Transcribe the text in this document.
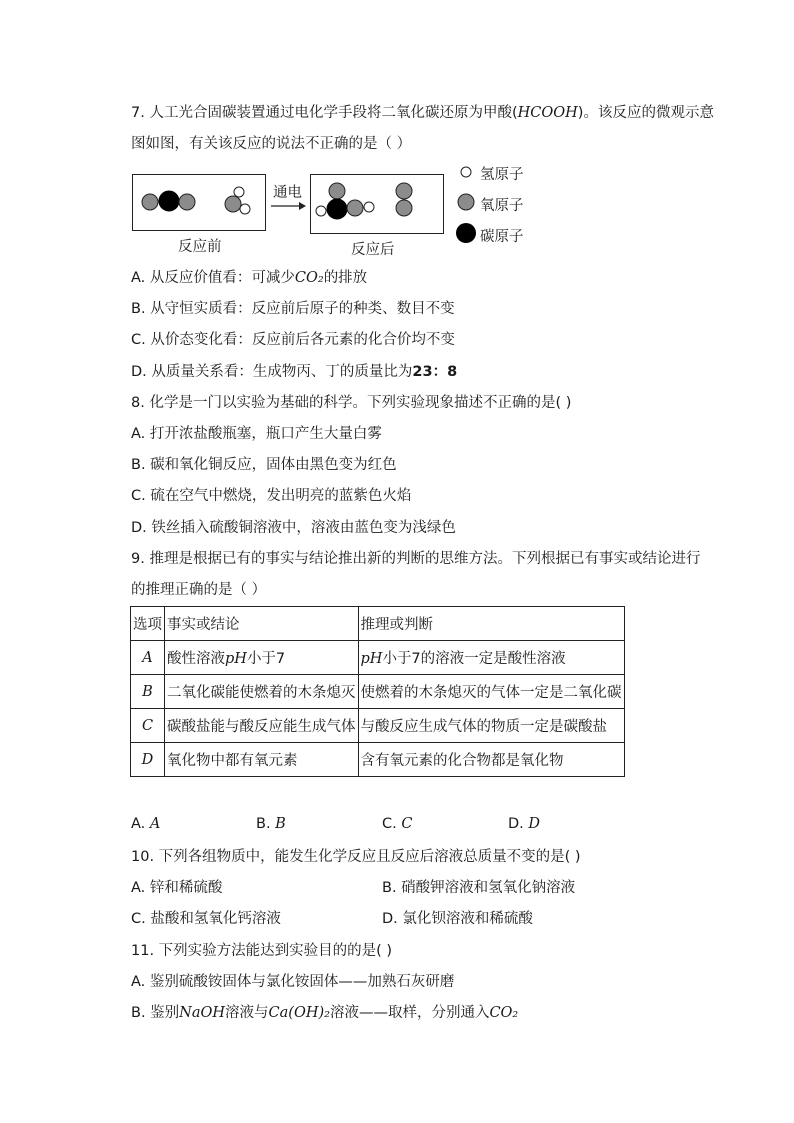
7. 人工光合固碳装置通过电化学手段将二氧化碳还原为甲酸(HCOOH)。该反应的微观示意
图如图，有关该反应的说法不正确的是（ ）
通电
反应前	反应后
氢原子
氧原子
碳原子
A. 从反应价值看：可减少CO₂的排放
B. 从守恒实质看：反应前后原子的种类、数目不变
C. 从价态变化看：反应前后各元素的化合价均不变
D. 从质量关系看：生成物丙、丁的质量比为23：8
8. 化学是一门以实验为基础的科学。下列实验现象描述不正确的是( )
A. 打开浓盐酸瓶塞，瓶口产生大量白雾
B. 碳和氧化铜反应，固体由黑色变为红色
C. 硫在空气中燃烧，发出明亮的蓝紫色火焰
D. 铁丝插入硫酸铜溶液中，溶液由蓝色变为浅绿色
9. 推理是根据已有的事实与结论推出新的判断的思维方法。下列根据已有事实或结论进行
的推理正确的是（ ）
选项	事实或结论	推理或判断
A	酸性溶液pH小于7	pH小于7的溶液一定是酸性溶液
B	二氧化碳能使燃着的木条熄灭	使燃着的木条熄灭的气体一定是二氧化碳
C	碳酸盐能与酸反应能生成气体	与酸反应生成气体的物质一定是碳酸盐
D	氧化物中都有氧元素	含有氧元素的化合物都是氧化物
A. A	B. B	C. C	D. D
10. 下列各组物质中，能发生化学反应且反应后溶液总质量不变的是( )
A. 锌和稀硫酸	B. 硝酸钾溶液和氢氧化钠溶液
C. 盐酸和氢氧化钙溶液	D. 氯化钡溶液和稀硫酸
11. 下列实验方法能达到实验目的的是( )
A. 鉴别硫酸铵固体与氯化铵固体——加熟石灰研磨
B. 鉴别NaOH溶液与Ca(OH)₂溶液——取样，分别通入CO₂
